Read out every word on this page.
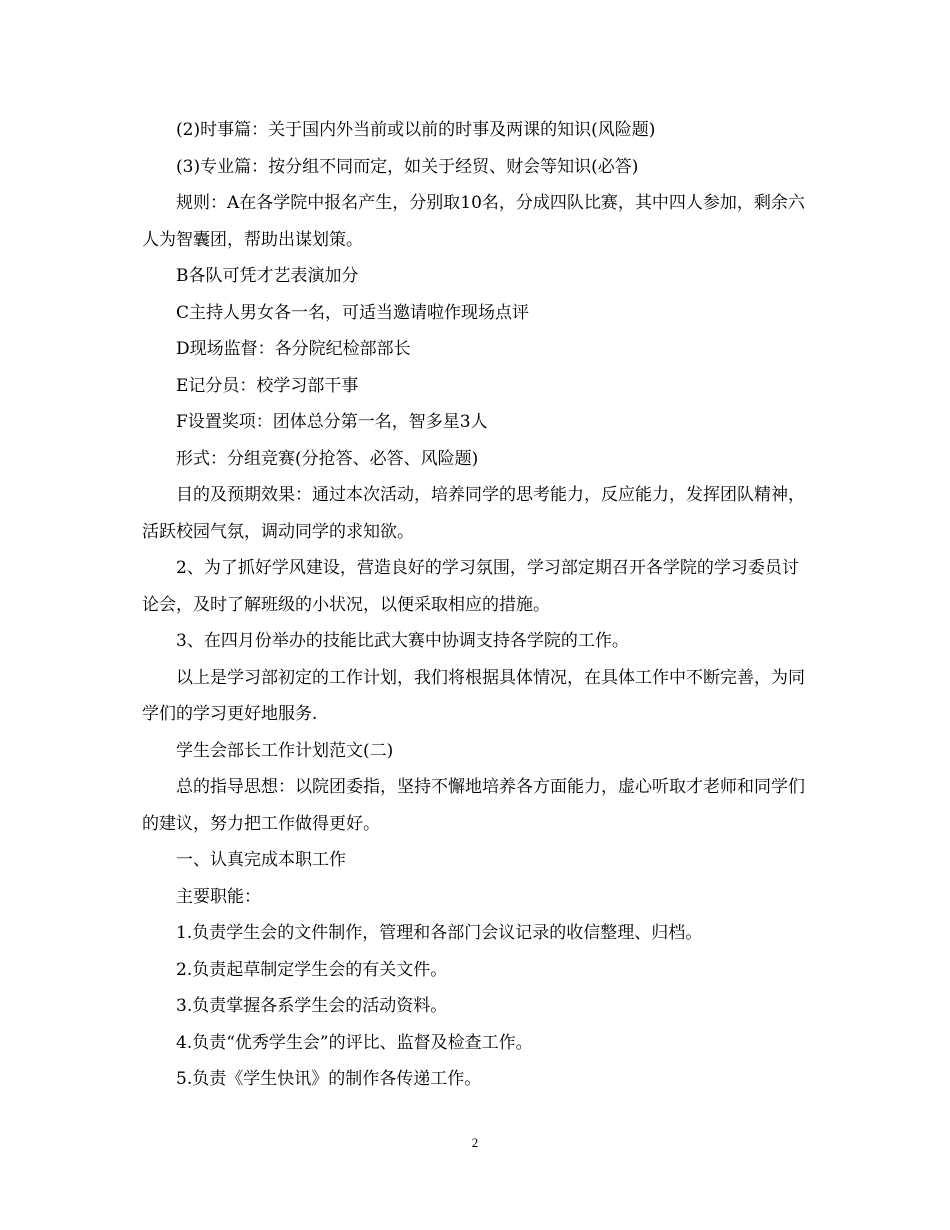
(2)时事篇：关于国内外当前或以前的时事及两课的知识(风险题)

(3)专业篇：按分组不同而定，如关于经贸、财会等知识(必答)

规则：A在各学院中报名产生，分别取10名，分成四队比赛，其中四人参加，剩余六人为智囊团，帮助出谋划策。

B各队可凭才艺表演加分

C主持人男女各一名，可适当邀请啦作现场点评

D现场监督：各分院纪检部部长

E记分员：校学习部干事

F设置奖项：团体总分第一名，智多星3人

形式：分组竞赛(分抢答、必答、风险题)

目的及预期效果：通过本次活动，培养同学的思考能力，反应能力，发挥团队精神，活跃校园气氛，调动同学的求知欲。

2、为了抓好学风建设，营造良好的学习氛围，学习部定期召开各学院的学习委员讨论会，及时了解班级的小状况，以便采取相应的措施。

3、在四月份举办的技能比武大赛中协调支持各学院的工作。

以上是学习部初定的工作计划，我们将根据具体情况，在具体工作中不断完善，为同学们的学习更好地服务.

学生会部长工作计划范文(二)

总的指导思想：以院团委指，坚持不懈地培养各方面能力，虚心听取才老师和同学们的建议，努力把工作做得更好。

一、认真完成本职工作

主要职能：

1.负责学生会的文件制作，管理和各部门会议记录的收信整理、归档。

2.负责起草制定学生会的有关文件。

3.负责掌握各系学生会的活动资料。

4.负责“优秀学生会”的评比、监督及检查工作。

5.负责《学生快讯》的制作各传递工作。

2
